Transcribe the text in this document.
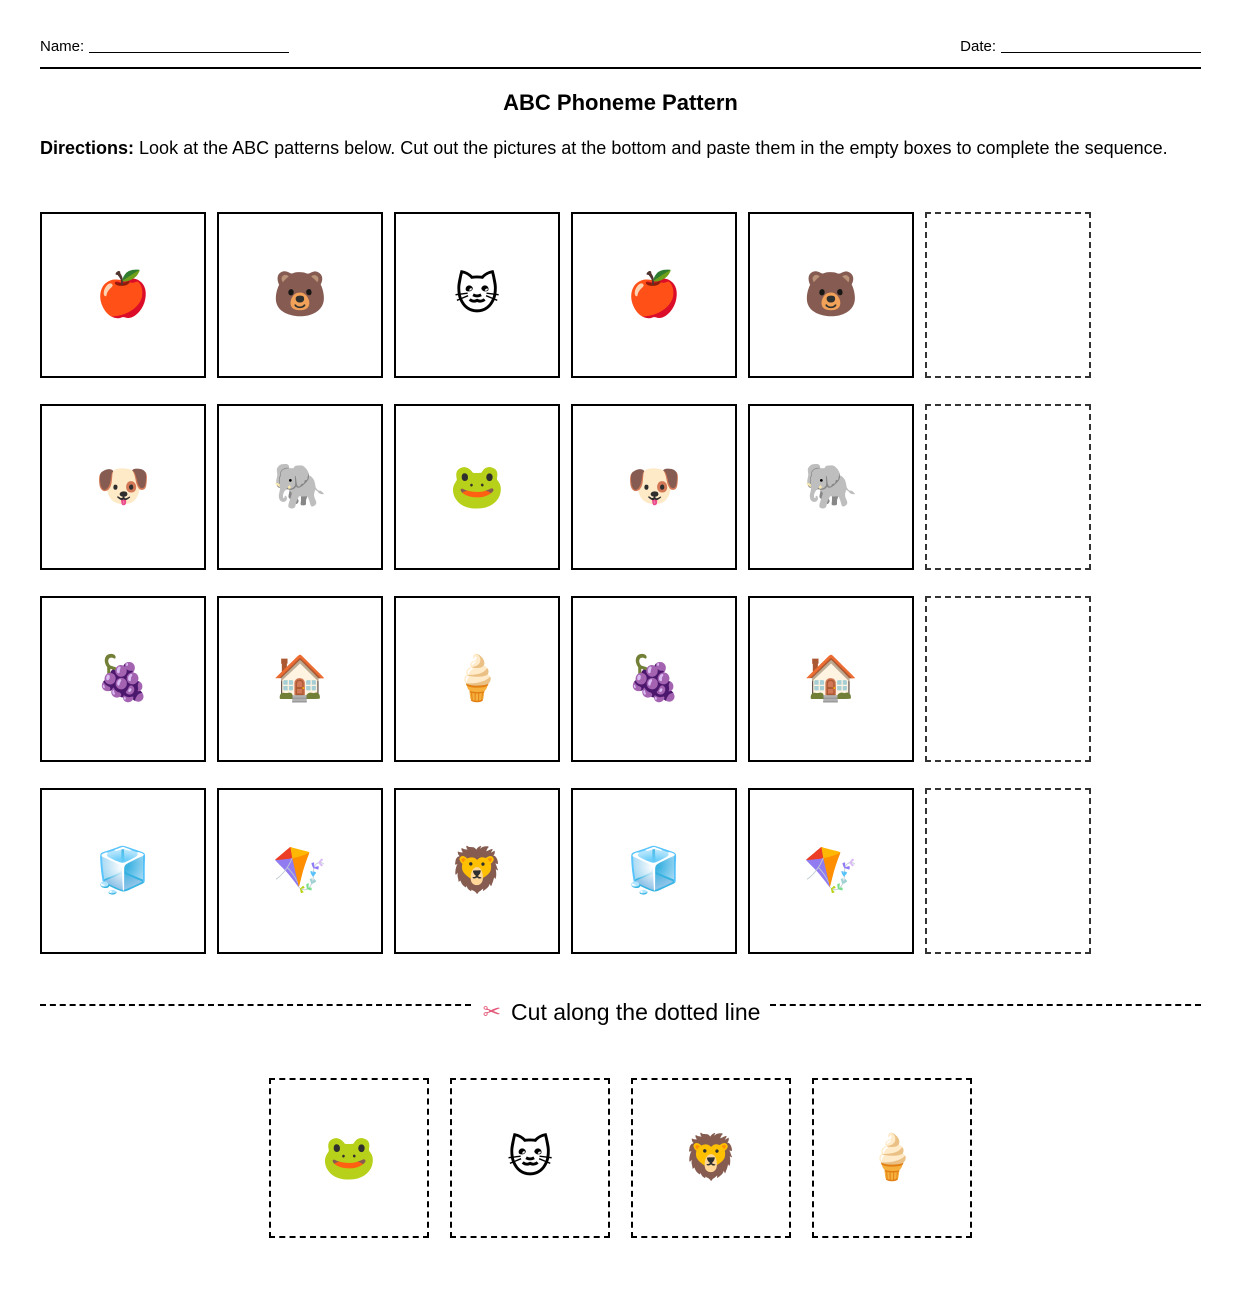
Name:	Date:
ABC Phoneme Pattern

Directions: Look at the ABC patterns below. Cut out the pictures at the bottom and paste them in the empty boxes to complete the sequence.

🍎	🐻	🐱	🍎	🐻
🐶	🐘	🐸	🐶	🐘
🍇	🏠	🍦	🍇	🏠
🧊	🪁	🦁	🧊	🪁
✂ Cut along the dotted line
🐸	🐱	🦁	🍦
